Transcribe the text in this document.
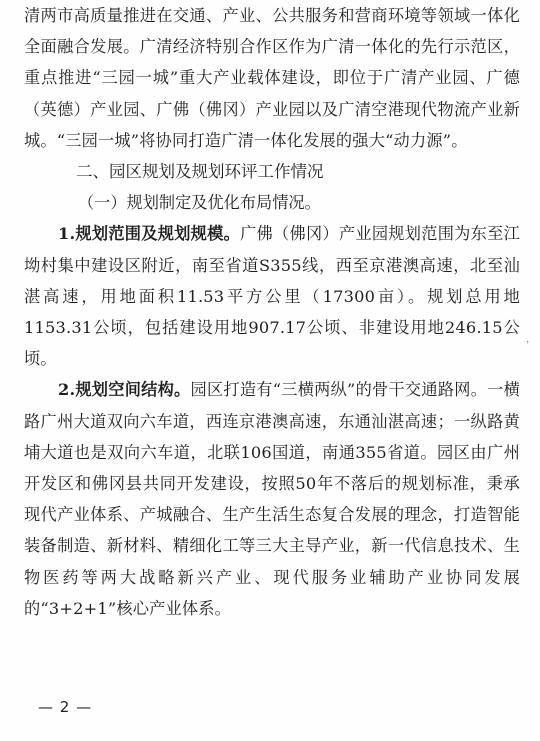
清两市高质量推进在交通、产业、公共服务和营商环境等领域一体化全面融合发展。广清经济特别合作区作为广清一体化的先行示范区，重点推进“三园一城”重大产业载体建设，即位于广清产业园、广德（英德）产业园、广佛（佛冈）产业园以及广清空港现代物流产业新城。“三园一城”将协同打造广清一体化发展的强大“动力源”。

二、园区规划及规划环评工作情况

（一）规划制定及优化布局情况。

1.规划范围及规划规模。广佛（佛冈）产业园规划范围为东至江坳村集中建设区附近，南至省道S355线，西至京港澳高速，北至汕湛高速，用地面积11.53平方公里（17300亩）。规划总用地1153.31公顷，包括建设用地907.17公顷、非建设用地246.15公顷。

2.规划空间结构。园区打造有“三横两纵”的骨干交通路网。一横路广州大道双向六车道，西连京港澳高速，东通汕湛高速；一纵路黄埔大道也是双向六车道，北联106国道，南通355省道。园区由广州开发区和佛冈县共同开发建设，按照50年不落后的规划标准，秉承现代产业体系、产城融合、生产生活生态复合发展的理念，打造智能装备制造、新材料、精细化工等三大主导产业，新一代信息技术、生物医药等两大战略新兴产业、现代服务业辅助产业协同发展的“3+2+1”核心产业体系。

，
— 2 —
